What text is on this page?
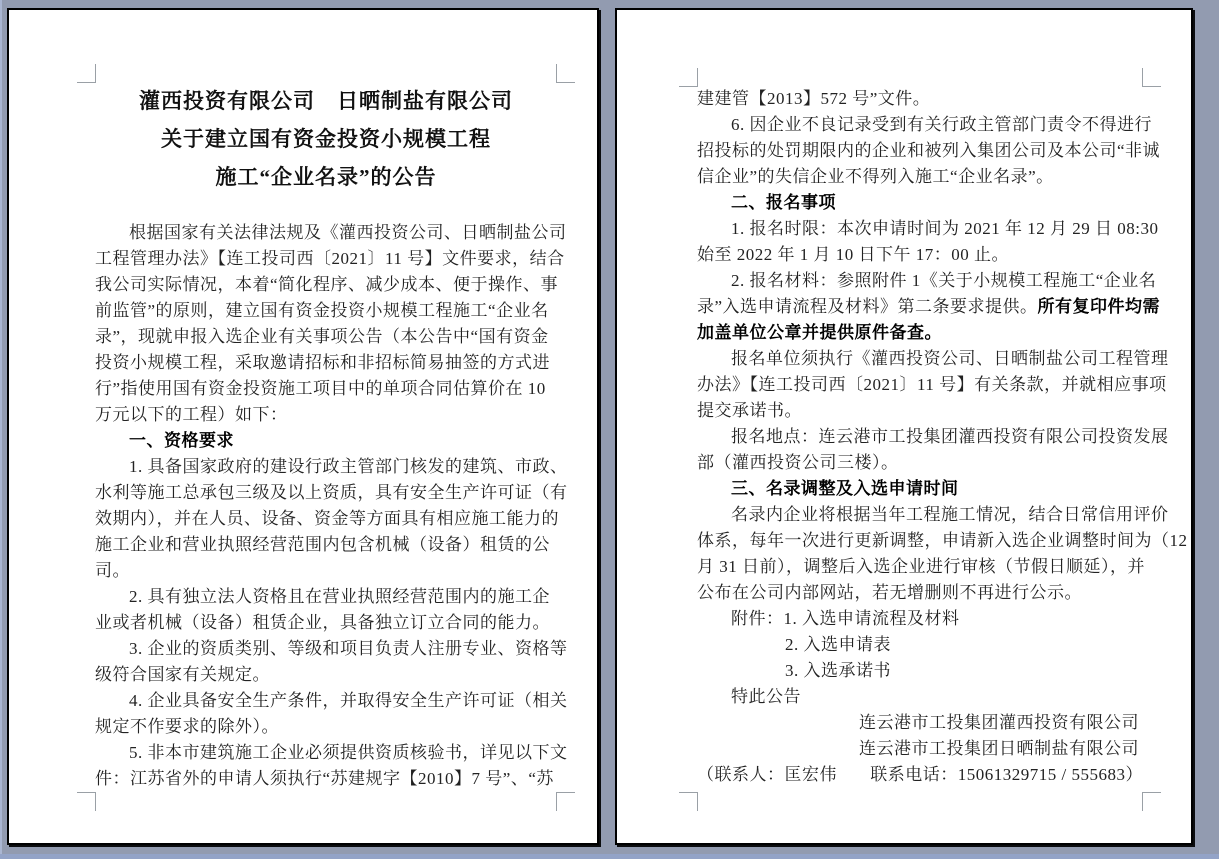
灌西投资有限公司　日晒制盐有限公司
关于建立国有资金投资小规模工程
施工“企业名录”的公告
根据国家有关法律法规及《灌西投资公司、日晒制盐公司
工程管理办法》【连工投司西〔2021〕11 号】文件要求，结合
我公司实际情况，本着“简化程序、减少成本、便于操作、事
前监管”的原则，建立国有资金投资小规模工程施工“企业名
录”，现就申报入选企业有关事项公告（本公告中“国有资金
投资小规模工程，采取邀请招标和非招标简易抽签的方式进
行”指使用国有资金投资施工项目中的单项合同估算价在 10
万元以下的工程）如下：
一、资格要求
1. 具备国家政府的建设行政主管部门核发的建筑、市政、
水利等施工总承包三级及以上资质，具有安全生产许可证（有
效期内），并在人员、设备、资金等方面具有相应施工能力的
施工企业和营业执照经营范围内包含机械（设备）租赁的公
司。
2. 具有独立法人资格且在营业执照经营范围内的施工企
业或者机械（设备）租赁企业，具备独立订立合同的能力。
3. 企业的资质类别、等级和项目负责人注册专业、资格等
级符合国家有关规定。
4. 企业具备安全生产条件，并取得安全生产许可证（相关
规定不作要求的除外）。
5. 非本市建筑施工企业必须提供资质核验书，详见以下文
件：江苏省外的申请人须执行“苏建规字【2010】7 号”、“苏
建建管【2013】572 号”文件。
6. 因企业不良记录受到有关行政主管部门责令不得进行
招投标的处罚期限内的企业和被列入集团公司及本公司“非诚
信企业”的失信企业不得列入施工“企业名录”。
二、报名事项
1. 报名时限：本次申请时间为 2021 年 12 月 29 日 08:30
始至 2022 年 1 月 10 日下午 17：00 止。
2. 报名材料：参照附件 1《关于小规模工程施工“企业名
录”入选申请流程及材料》第二条要求提供。所有复印件均需
加盖单位公章并提供原件备查。
报名单位须执行《灌西投资公司、日晒制盐公司工程管理
办法》【连工投司西〔2021〕11 号】有关条款，并就相应事项
提交承诺书。
报名地点：连云港市工投集团灌西投资有限公司投资发展
部（灌西投资公司三楼）。
三、名录调整及入选申请时间
名录内企业将根据当年工程施工情况，结合日常信用评价
体系，每年一次进行更新调整，申请新入选企业调整时间为（12
月 31 日前），调整后入选企业进行审核（节假日顺延），并
公布在公司内部网站，若无增删则不再进行公示。
附件：1. 入选申请流程及材料
2. 入选申请表
3. 入选承诺书
特此公告
连云港市工投集团灌西投资有限公司
连云港市工投集团日晒制盐有限公司
（联系人：匡宏伟 联系电话：15061329715 / 555683）
